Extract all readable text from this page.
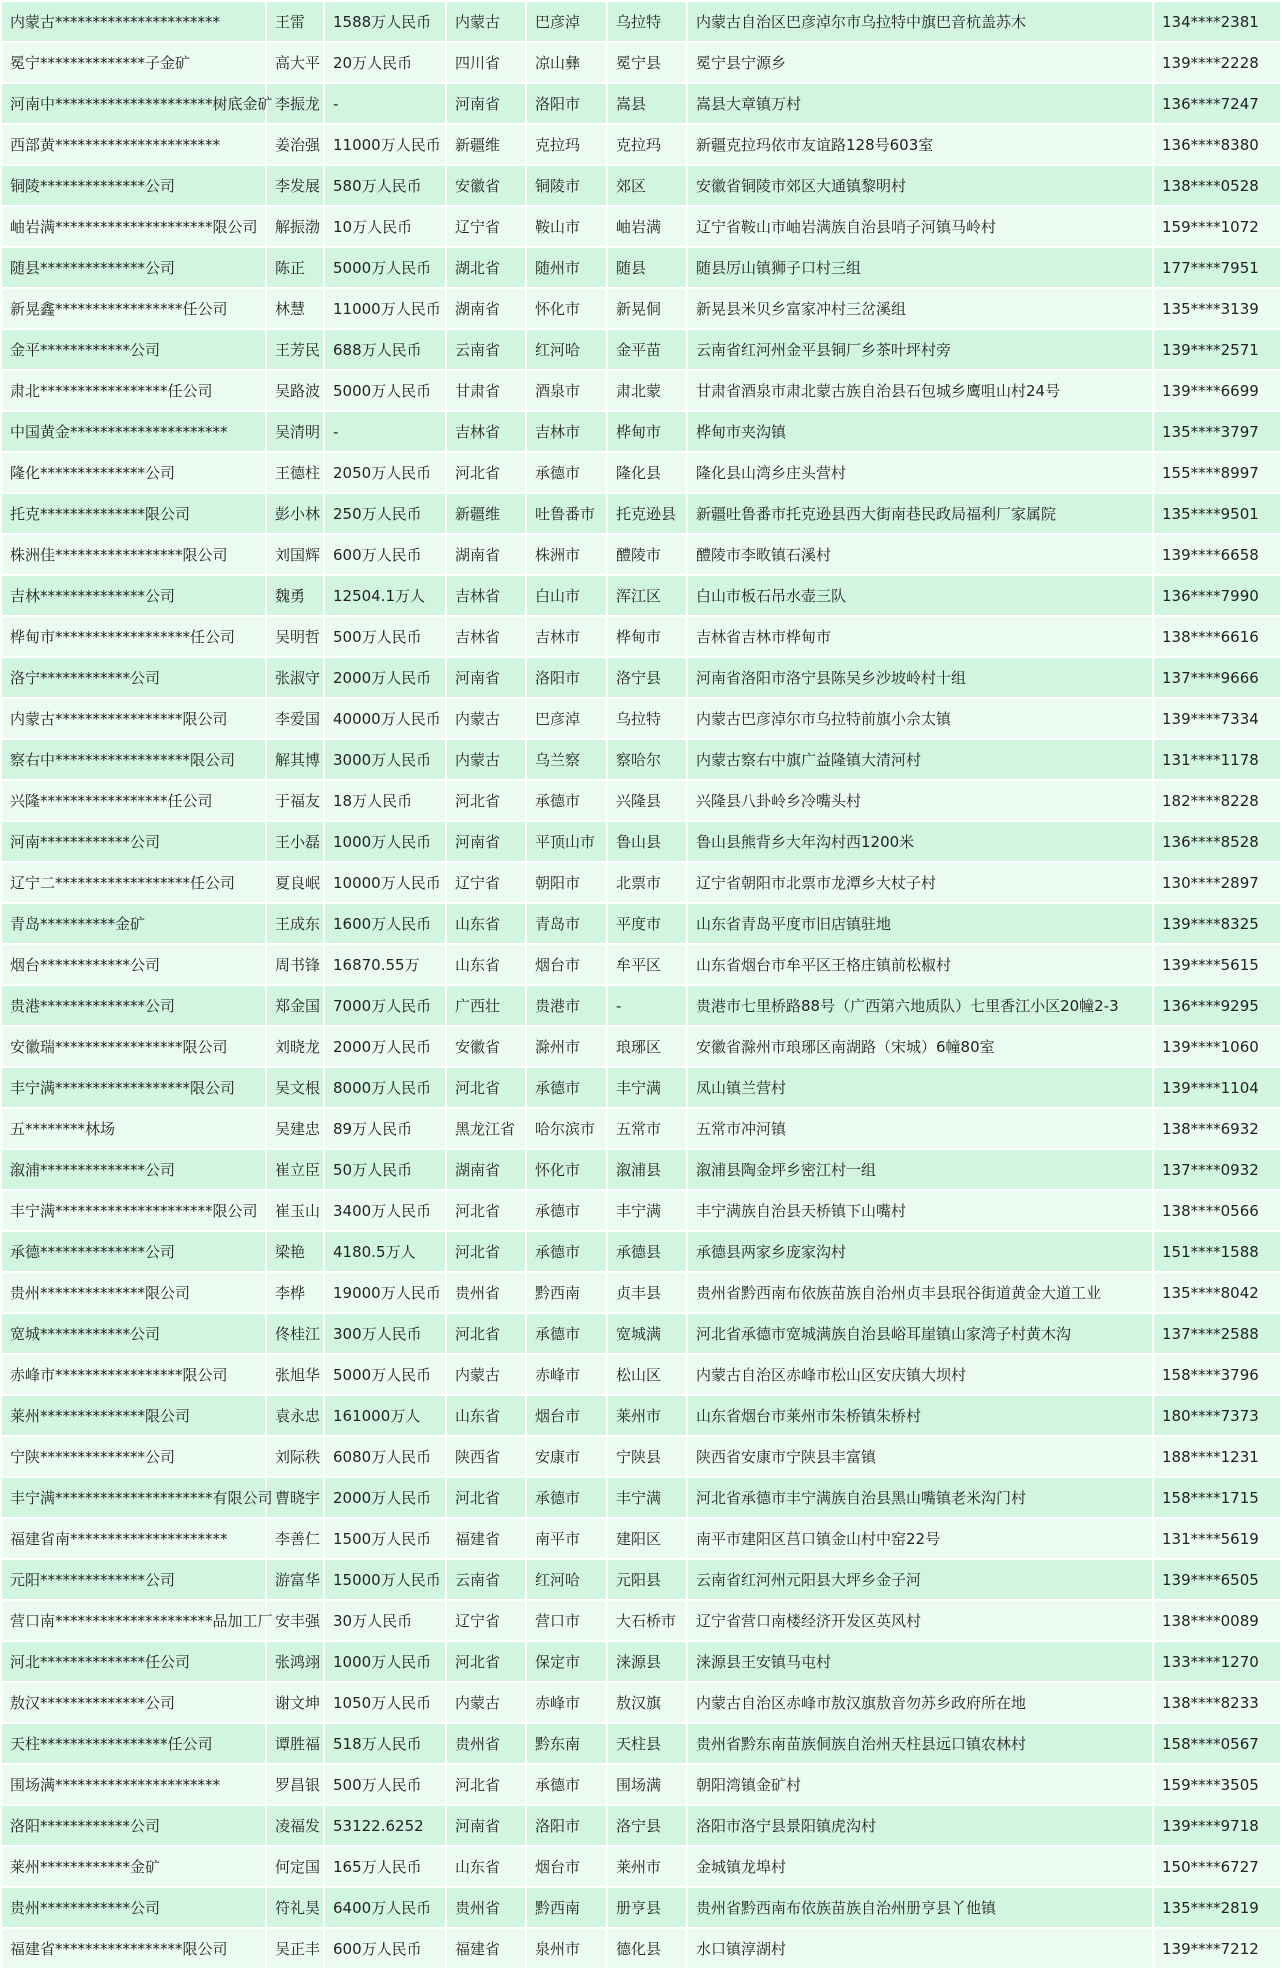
内蒙古**********************	王雷	1588万人民币	内蒙古	巴彦淖	乌拉特	内蒙古自治区巴彦淖尔市乌拉特中旗巴音杭盖苏木	134****2381
冕宁**************子金矿	高大平	20万人民币	四川省	凉山彝	冕宁县	冕宁县宁源乡	139****2228
河南中*********************树底金矿	李振龙	-	河南省	洛阳市	嵩县	嵩县大章镇万村	136****7247
西部黄**********************	姜治强	11000万人民币	新疆维	克拉玛	克拉玛	新疆克拉玛依市友谊路128号603室	136****8380
铜陵**************公司	李发展	580万人民币	安徽省	铜陵市	郊区	安徽省铜陵市郊区大通镇黎明村	138****0528
岫岩满*********************限公司	解振渤	10万人民币	辽宁省	鞍山市	岫岩满	辽宁省鞍山市岫岩满族自治县哨子河镇马岭村	159****1072
随县**************公司	陈正	5000万人民币	湖北省	随州市	随县	随县厉山镇狮子口村三组	177****7951
新晃鑫*****************任公司	林慧	11000万人民币	湖南省	怀化市	新晃侗	新晃县米贝乡富家冲村三岔溪组	135****3139
金平************公司	王芳民	688万人民币	云南省	红河哈	金平苗	云南省红河州金平县铜厂乡茶叶坪村旁	139****2571
肃北*****************任公司	吴路波	5000万人民币	甘肃省	酒泉市	肃北蒙	甘肃省酒泉市肃北蒙古族自治县石包城乡鹰咀山村24号	139****6699
中国黄金*********************	吴清明	-	吉林省	吉林市	桦甸市	桦甸市夹沟镇	135****3797
隆化**************公司	王德柱	2050万人民币	河北省	承德市	隆化县	隆化县山湾乡庄头营村	155****8997
托克**************限公司	彭小林	250万人民币	新疆维	吐鲁番市	托克逊县	新疆吐鲁番市托克逊县西大街南巷民政局福利厂家属院	135****9501
株洲佳*****************限公司	刘国辉	600万人民币	湖南省	株洲市	醴陵市	醴陵市李畋镇石溪村	139****6658
吉林**************公司	魏勇	12504.1万人	吉林省	白山市	浑江区	白山市板石吊水壶三队	136****7990
桦甸市******************任公司	吴明哲	500万人民币	吉林省	吉林市	桦甸市	吉林省吉林市桦甸市	138****6616
洛宁************公司	张淑守	2000万人民币	河南省	洛阳市	洛宁县	河南省洛阳市洛宁县陈吴乡沙坡岭村十组	137****9666
内蒙古*****************限公司	李爱国	40000万人民币	内蒙古	巴彦淖	乌拉特	内蒙古巴彦淖尔市乌拉特前旗小佘太镇	139****7334
察右中******************限公司	解其博	3000万人民币	内蒙古	乌兰察	察哈尔	内蒙古察右中旗广益隆镇大清河村	131****1178
兴隆*****************任公司	于福友	18万人民币	河北省	承德市	兴隆县	兴隆县八卦岭乡冷嘴头村	182****8228
河南************公司	王小磊	1000万人民币	河南省	平顶山市	鲁山县	鲁山县熊背乡大年沟村西1200米	136****8528
辽宁二******************任公司	夏良岷	10000万人民币	辽宁省	朝阳市	北票市	辽宁省朝阳市北票市龙潭乡大杖子村	130****2897
青岛**********金矿	王成东	1600万人民币	山东省	青岛市	平度市	山东省青岛平度市旧店镇驻地	139****8325
烟台************公司	周书锋	16870.55万	山东省	烟台市	牟平区	山东省烟台市牟平区王格庄镇前松椒村	139****5615
贵港**************公司	郑金国	7000万人民币	广西壮	贵港市	-	贵港市七里桥路88号（广西第六地质队）七里香江小区20幢2-3	136****9295
安徽瑞*****************限公司	刘晓龙	2000万人民币	安徽省	滁州市	琅琊区	安徽省滁州市琅琊区南湖路（宋城）6幢80室	139****1060
丰宁满******************限公司	吴文根	8000万人民币	河北省	承德市	丰宁满	凤山镇兰营村	139****1104
五********林场	吴建忠	89万人民币	黑龙江省	哈尔滨市	五常市	五常市冲河镇	138****6932
溆浦**************公司	崔立臣	50万人民币	湖南省	怀化市	溆浦县	溆浦县陶金坪乡密江村一组	137****0932
丰宁满*********************限公司	崔玉山	3400万人民币	河北省	承德市	丰宁满	丰宁满族自治县天桥镇下山嘴村	138****0566
承德**************公司	梁艳	4180.5万人	河北省	承德市	承德县	承德县两家乡庞家沟村	151****1588
贵州**************限公司	李桦	19000万人民币	贵州省	黔西南	贞丰县	贵州省黔西南布依族苗族自治州贞丰县珉谷街道黄金大道工业	135****8042
宽城************公司	佟桂江	300万人民币	河北省	承德市	宽城满	河北省承德市宽城满族自治县峪耳崖镇山家湾子村黄木沟	137****2588
赤峰市*****************限公司	张旭华	5000万人民币	内蒙古	赤峰市	松山区	内蒙古自治区赤峰市松山区安庆镇大坝村	158****3796
莱州**************限公司	袁永忠	161000万人	山东省	烟台市	莱州市	山东省烟台市莱州市朱桥镇朱桥村	180****7373
宁陕**************公司	刘际秩	6080万人民币	陕西省	安康市	宁陕县	陕西省安康市宁陕县丰富镇	188****1231
丰宁满*********************有限公司	曹晓宇	2000万人民币	河北省	承德市	丰宁满	河北省承德市丰宁满族自治县黑山嘴镇老米沟门村	158****1715
福建省南*********************	李善仁	1500万人民币	福建省	南平市	建阳区	南平市建阳区莒口镇金山村中窑22号	131****5619
元阳**************公司	游富华	15000万人民币	云南省	红河哈	元阳县	云南省红河州元阳县大坪乡金子河	139****6505
营口南*********************品加工厂	安丰强	30万人民币	辽宁省	营口市	大石桥市	辽宁省营口南楼经济开发区英风村	138****0089
河北**************任公司	张鸿翊	1000万人民币	河北省	保定市	涞源县	涞源县王安镇马屯村	133****1270
敖汉**************公司	谢文坤	1050万人民币	内蒙古	赤峰市	敖汉旗	内蒙古自治区赤峰市敖汉旗敖音勿苏乡政府所在地	138****8233
天柱*****************任公司	谭胜福	518万人民币	贵州省	黔东南	天柱县	贵州省黔东南苗族侗族自治州天柱县远口镇农林村	158****0567
围场满**********************	罗昌银	500万人民币	河北省	承德市	围场满	朝阳湾镇金矿村	159****3505
洛阳************公司	凌福发	53122.6252	河南省	洛阳市	洛宁县	洛阳市洛宁县景阳镇虎沟村	139****9718
莱州************金矿	何定国	165万人民币	山东省	烟台市	莱州市	金城镇龙埠村	150****6727
贵州************公司	符礼昊	6400万人民币	贵州省	黔西南	册亨县	贵州省黔西南布依族苗族自治州册亨县丫他镇	135****2819
福建省*****************限公司	吴正丰	600万人民币	福建省	泉州市	德化县	水口镇淳湖村	139****7212
